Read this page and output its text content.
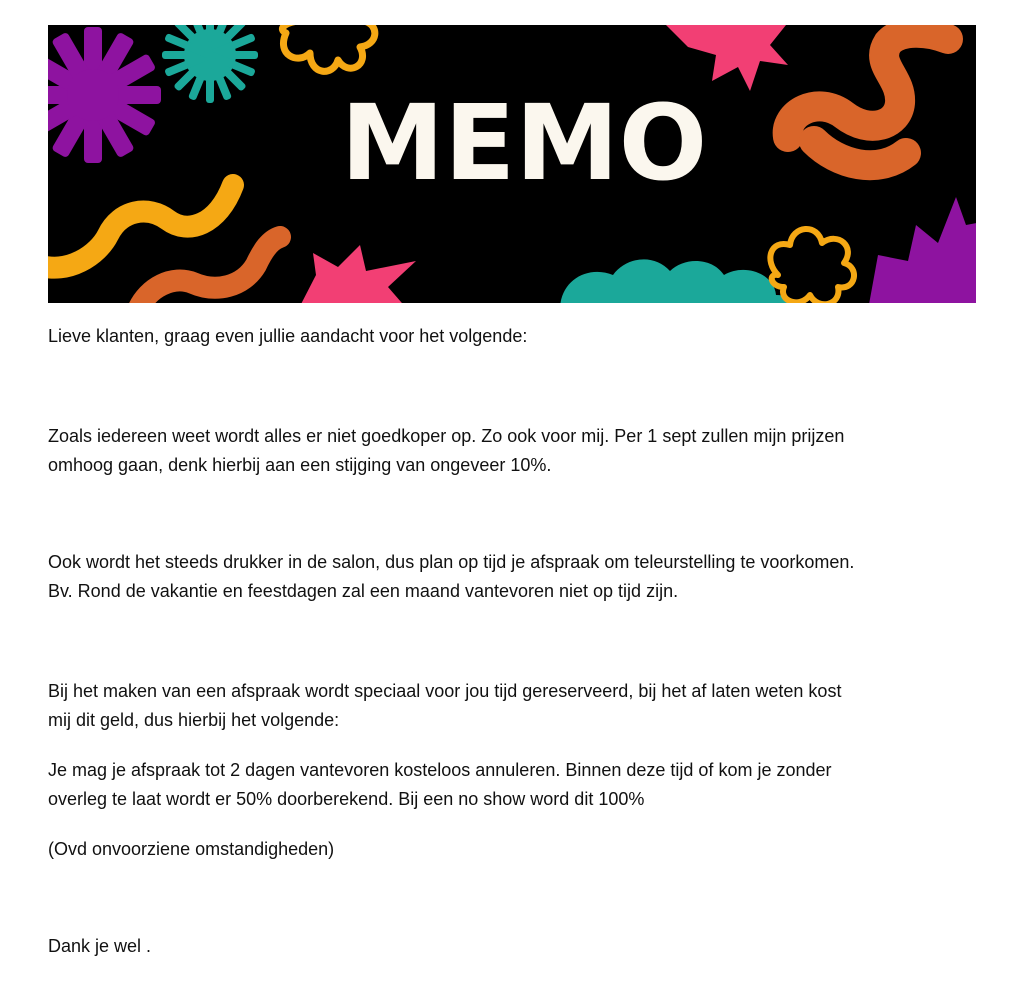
MEMO

Lieve klanten, graag even jullie aandacht voor het volgende:

Zoals iedereen weet wordt alles er niet goedkoper op. Zo ook voor mij. Per 1 sept zullen mijn prijzen

omhoog gaan, denk hierbij aan een stijging van ongeveer 10%.

Ook wordt het steeds drukker in de salon, dus plan op tijd je afspraak om teleurstelling te voorkomen.

Bv. Rond de vakantie en feestdagen zal een maand vantevoren niet op tijd zijn.

Bij het maken van een afspraak wordt speciaal voor jou tijd gereserveerd, bij het af laten weten kost

mij dit geld, dus hierbij het volgende:

Je mag je afspraak tot 2 dagen vantevoren kosteloos annuleren. Binnen deze tijd of kom je zonder

overleg te laat wordt er 50% doorberekend. Bij een no show word dit 100%

(Ovd onvoorziene omstandigheden)

Dank je wel .
